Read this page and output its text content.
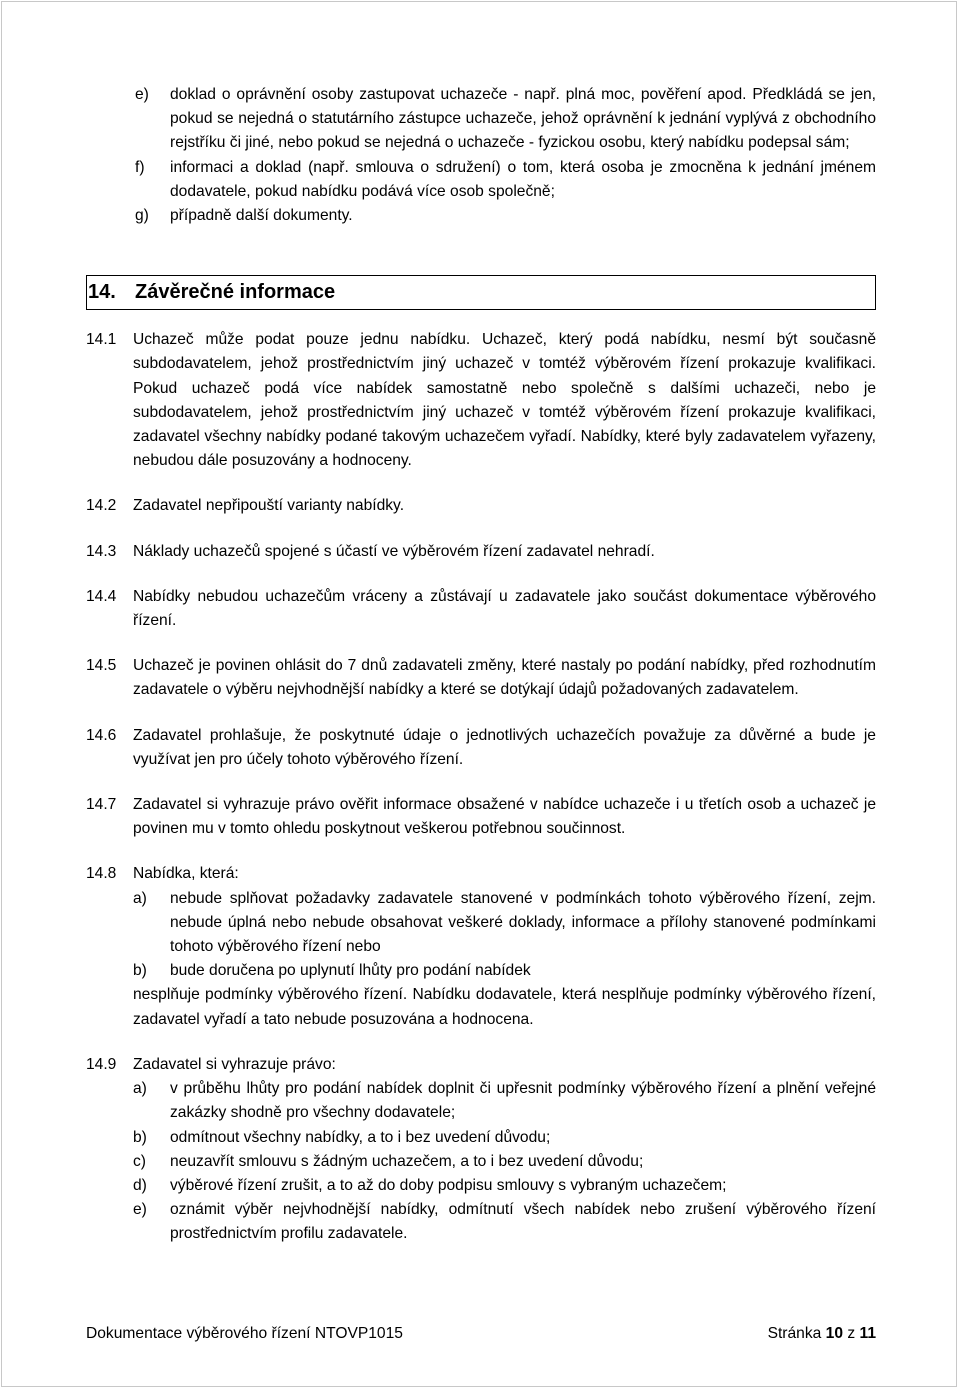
e) doklad o oprávnění osoby zastupovat uchazeče - např. plná moc, pověření apod. Předkládá se jen, pokud se nejedná o statutárního zástupce uchazeče, jehož oprávnění k jednání vyplývá z obchodního rejstříku či jiné, nebo pokud se nejedná o uchazeče - fyzickou osobu, který nabídku podepsal sám;
f) informaci a doklad (např. smlouva o sdružení) o tom, která osoba je zmocněna k jednání jménem dodavatele, pokud nabídku podává více osob společně;
g) případně další dokumenty.
14. Závěrečné informace
14.1 Uchazeč může podat pouze jednu nabídku. Uchazeč, který podá nabídku, nesmí být současně subdodavatelem, jehož prostřednictvím jiný uchazeč v tomtéž výběrovém řízení prokazuje kvalifikaci. Pokud uchazeč podá více nabídek samostatně nebo společně s dalšími uchazeči, nebo je subdodavatelem, jehož prostřednictvím jiný uchazeč v tomtéž výběrovém řízení prokazuje kvalifikaci, zadavatel všechny nabídky podané takovým uchazečem vyřadí. Nabídky, které byly zadavatelem vyřazeny, nebudou dále posuzovány a hodnoceny.
14.2 Zadavatel nepřipouští varianty nabídky.
14.3 Náklady uchazečů spojené s účastí ve výběrovém řízení zadavatel nehradí.
14.4 Nabídky nebudou uchazečům vráceny a zůstávají u zadavatele jako součást dokumentace výběrového řízení.
14.5 Uchazeč je povinen ohlásit do 7 dnů zadavateli změny, které nastaly po podání nabídky, před rozhodnutím zadavatele o výběru nejvhodnější nabídky a které se dotýkají údajů požadovaných zadavatelem.
14.6 Zadavatel prohlašuje, že poskytnuté údaje o jednotlivých uchazečích považuje za důvěrné a bude je využívat jen pro účely tohoto výběrového řízení.
14.7 Zadavatel si vyhrazuje právo ověřit informace obsažené v nabídce uchazeče i u třetích osob a uchazeč je povinen mu v tomto ohledu poskytnout veškerou potřebnou součinnost.
14.8 Nabídka, která:
a) nebude splňovat požadavky zadavatele stanovené v podmínkách tohoto výběrového řízení, zejm. nebude úplná nebo nebude obsahovat veškeré doklady, informace a přílohy stanovené podmínkami tohoto výběrového řízení nebo
b) bude doručena po uplynutí lhůty pro podání nabídek
nesplňuje podmínky výběrového řízení. Nabídku dodavatele, která nesplňuje podmínky výběrového řízení, zadavatel vyřadí a tato nebude posuzována a hodnocena.
14.9 Zadavatel si vyhrazuje právo:
a) v průběhu lhůty pro podání nabídek doplnit či upřesnit podmínky výběrového řízení a plnění veřejné zakázky shodně pro všechny dodavatele;
b) odmítnout všechny nabídky, a to i bez uvedení důvodu;
c) neuzavřít smlouvu s žádným uchazečem, a to i bez uvedení důvodu;
d) výběrové řízení zrušit, a to až do doby podpisu smlouvy s vybraným uchazečem;
e) oznámit výběr nejvhodnější nabídky, odmítnutí všech nabídek nebo zrušení výběrového řízení prostřednictvím profilu zadavatele.
Dokumentace výběrového řízení NTOVP1015	Stránka 10 z 11
